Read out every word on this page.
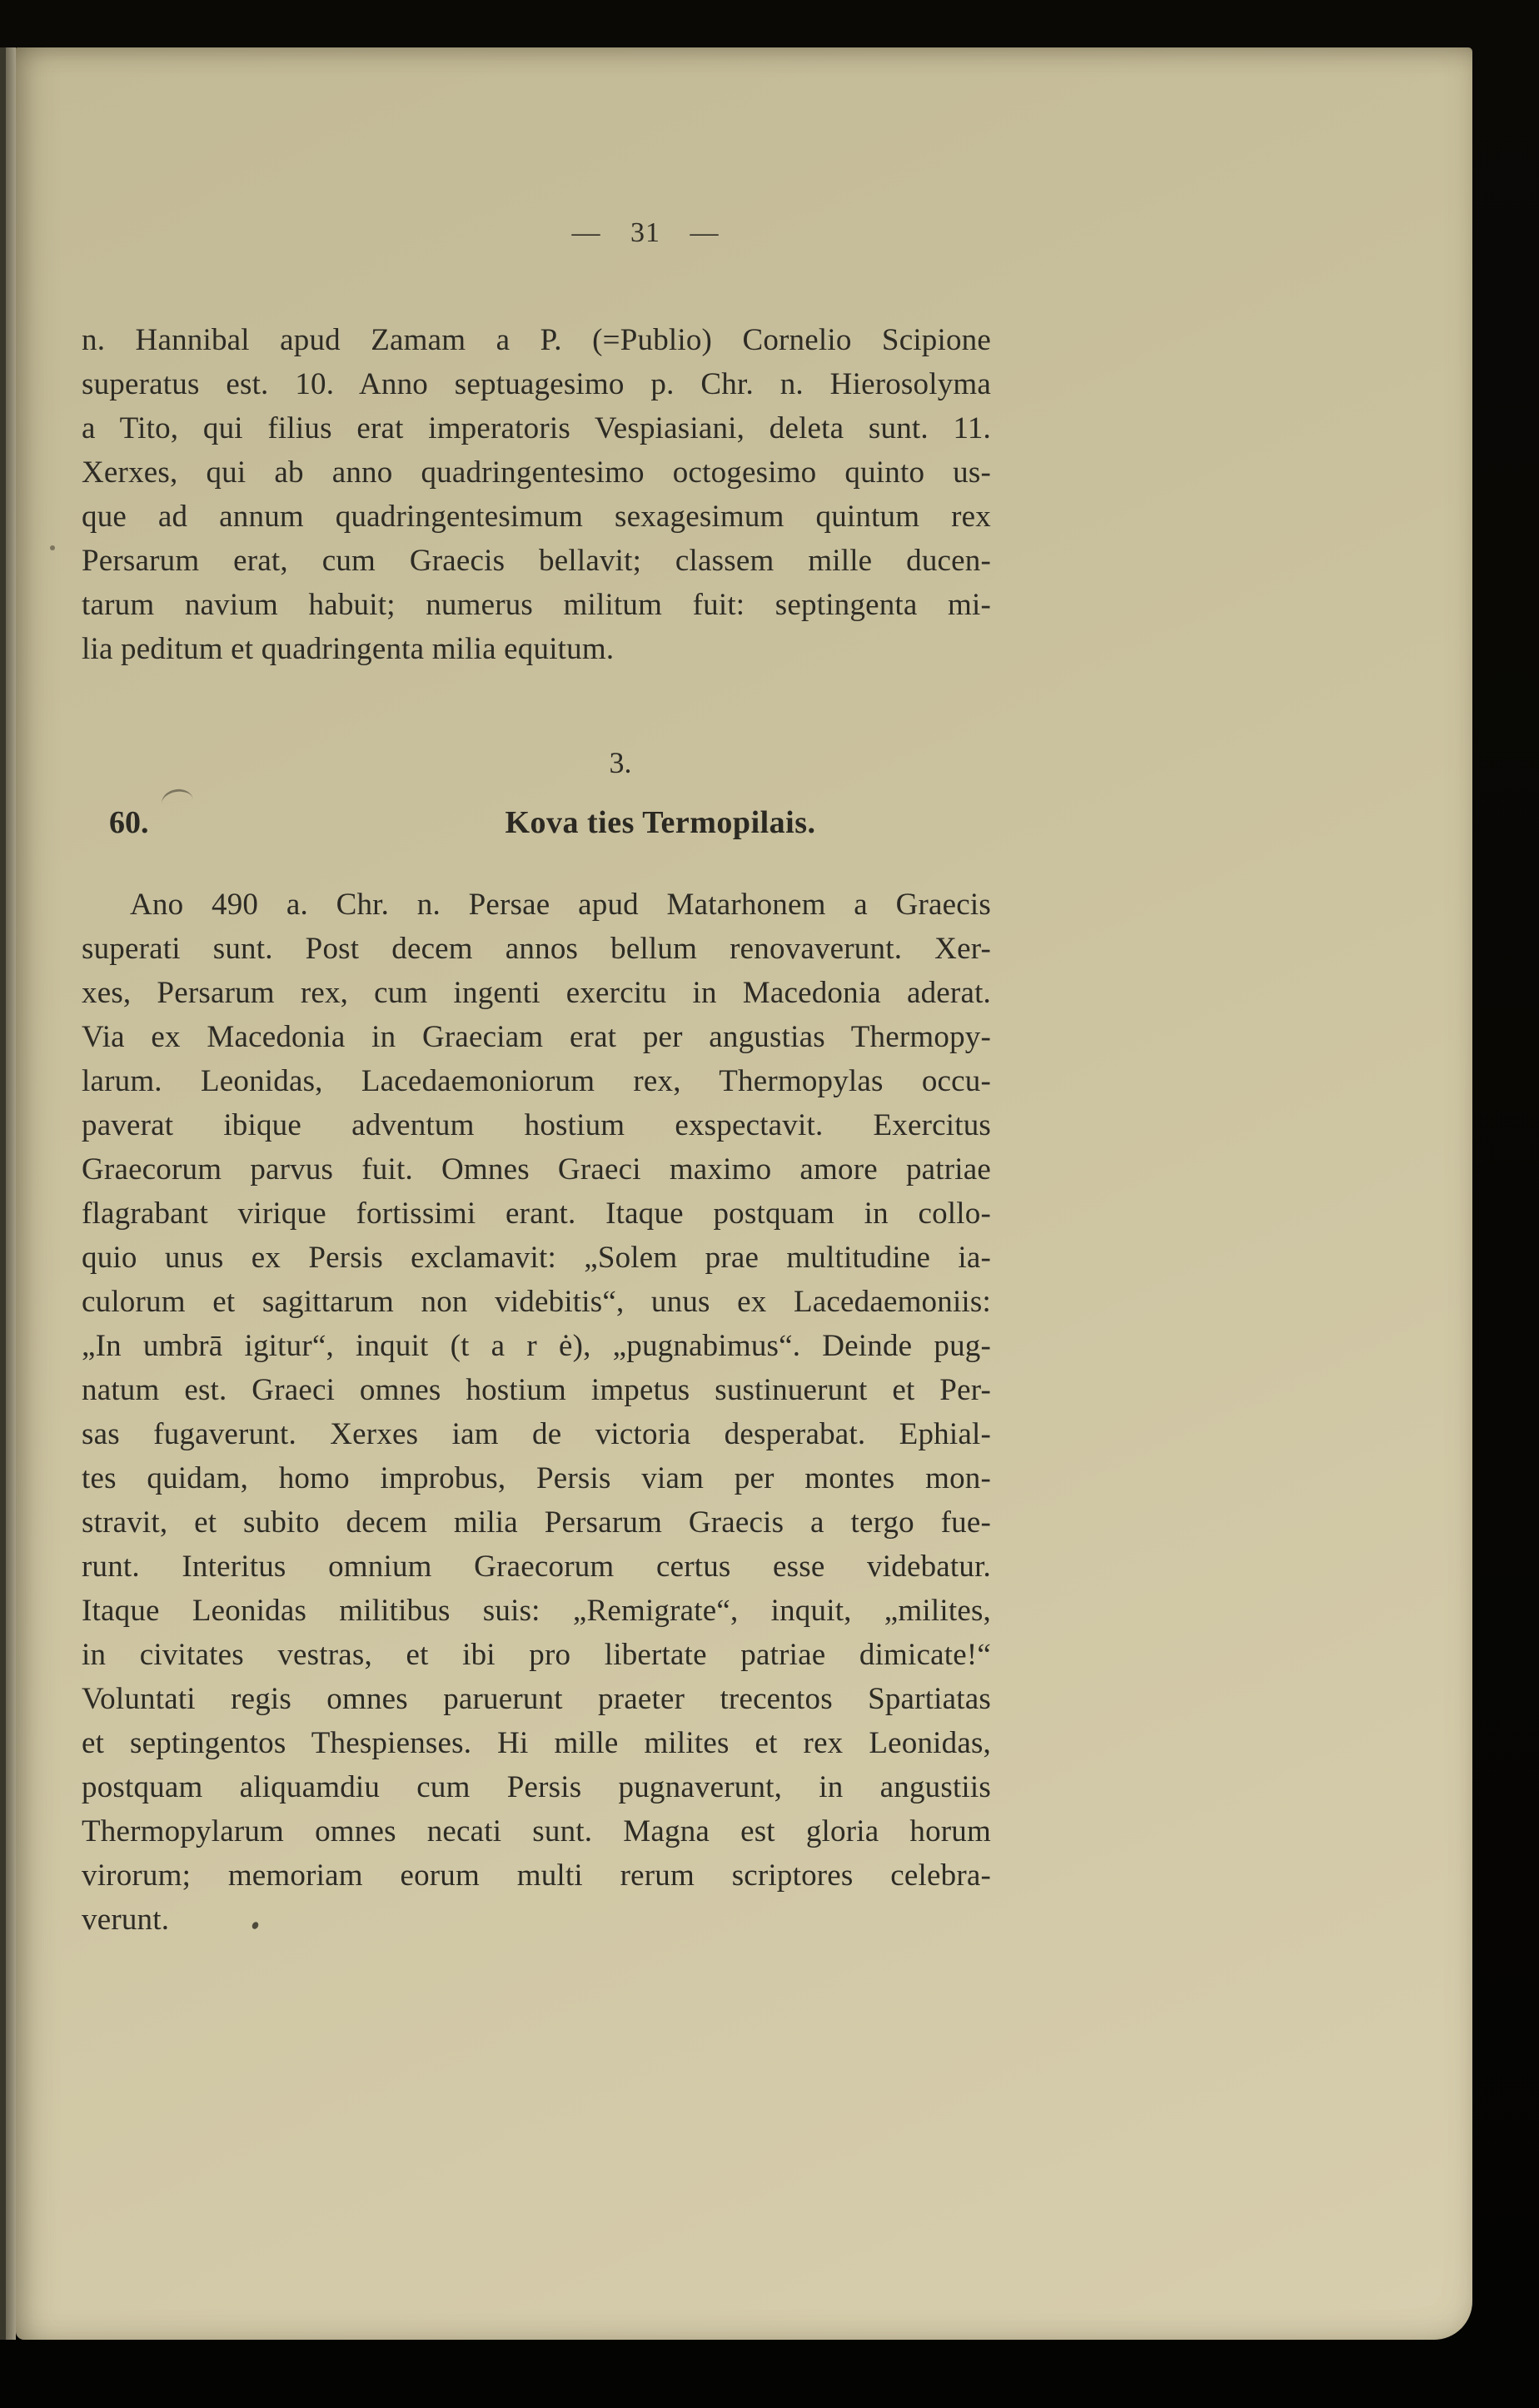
— 31 —
n. Hannibal apud Zamam a P. (=Publio) Cornelio Scipione
superatus est. 10. Anno septuagesimo p. Chr. n. Hierosolyma
a Tito, qui filius erat imperatoris Vespiasiani, deleta sunt. 11.
Xerxes, qui ab anno quadringentesimo octogesimo quinto us-
que ad annum quadringentesimum sexagesimum quintum rex
Persarum erat, cum Graecis bellavit; classem mille ducen-
tarum navium habuit; numerus militum fuit: septingenta mi-
lia peditum et quadringenta milia equitum.
3.
60.	Kova ties Termopilais.
Ano 490 a. Chr. n. Persae apud Matarhonem a Graecis
superati sunt. Post decem annos bellum renovaverunt. Xer-
xes, Persarum rex, cum ingenti exercitu in Macedonia aderat.
Via ex Macedonia in Graeciam erat per angustias Thermopy-
larum. Leonidas, Lacedaemoniorum rex, Thermopylas occu-
paverat ibique adventum hostium exspectavit. Exercitus
Graecorum parvus fuit. Omnes Graeci maximo amore patriae
flagrabant virique fortissimi erant. Itaque postquam in collo-
quio unus ex Persis exclamavit: „Solem prae multitudine ia-
culorum et sagittarum non videbitis“, unus ex Lacedaemoniis:
„In umbrā igitur“, inquit (t a r ė), „pugnabimus“. Deinde pug-
natum est. Graeci omnes hostium impetus sustinuerunt et Per-
sas fugaverunt. Xerxes iam de victoria desperabat. Ephial-
tes quidam, homo improbus, Persis viam per montes mon-
stravit, et subito decem milia Persarum Graecis a tergo fue-
runt. Interitus omnium Graecorum certus esse videbatur.
Itaque Leonidas militibus suis: „Remigrate“, inquit, „milites,
in civitates vestras, et ibi pro libertate patriae dimicate!“
Voluntati regis omnes paruerunt praeter trecentos Spartiatas
et septingentos Thespienses. Hi mille milites et rex Leonidas,
postquam aliquamdiu cum Persis pugnaverunt, in angustiis
Thermopylarum omnes necati sunt. Magna est gloria horum
virorum; memoriam eorum multi rerum scriptores celebra-
verunt.
